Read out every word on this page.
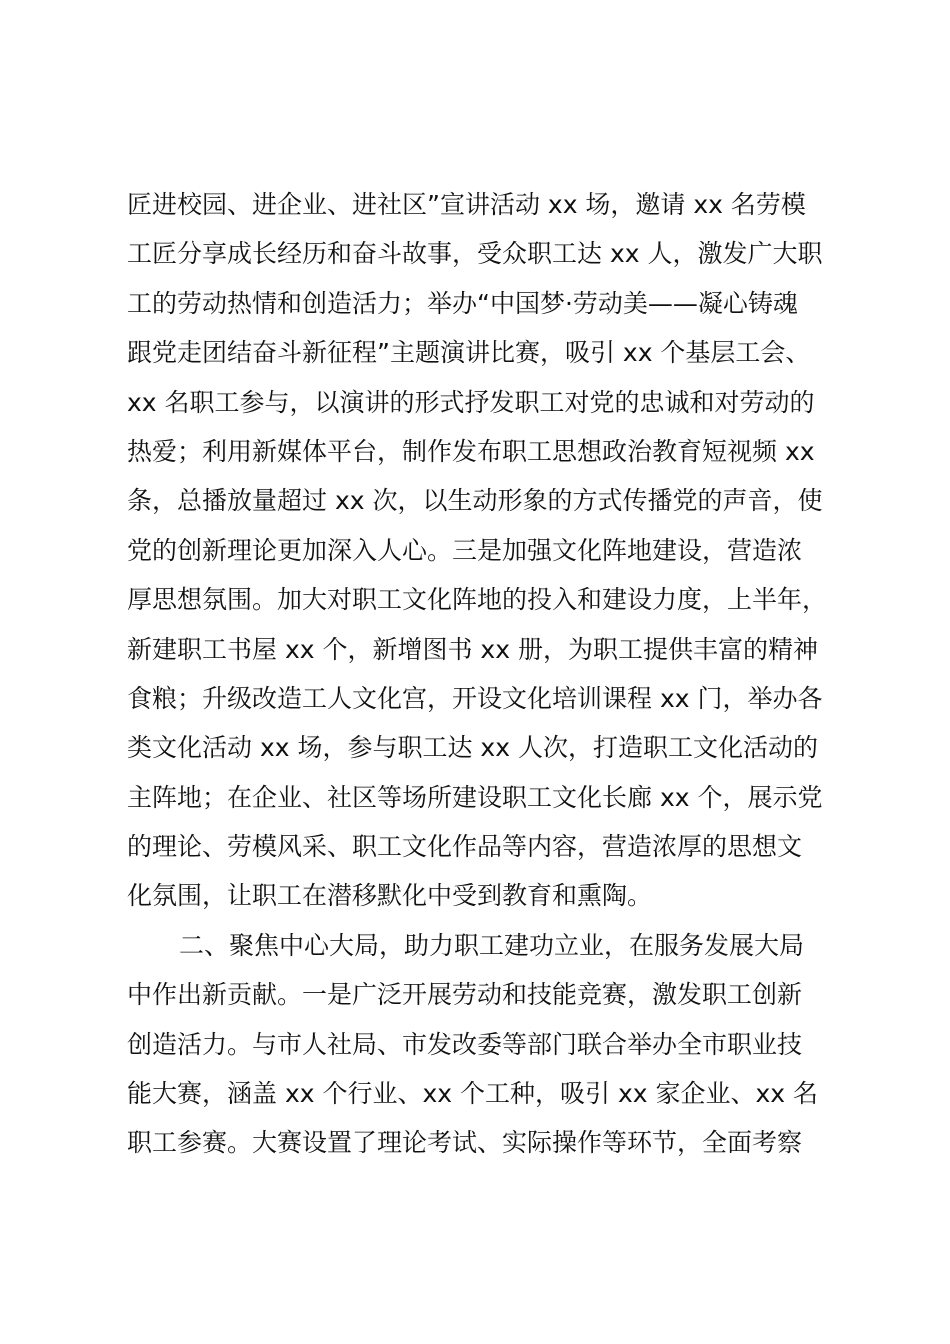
匠进校园、进企业、进社区”宣讲活动 xx 场，邀请 xx 名劳模
工匠分享成长经历和奋斗故事，受众职工达 xx 人，激发广大职
工的劳动热情和创造活力；举办“中国梦·劳动美——凝心铸魂
跟党走团结奋斗新征程”主题演讲比赛，吸引 xx 个基层工会、
xx 名职工参与，以演讲的形式抒发职工对党的忠诚和对劳动的
热爱；利用新媒体平台，制作发布职工思想政治教育短视频 xx
条，总播放量超过 xx 次，以生动形象的方式传播党的声音，使
党的创新理论更加深入人心。三是加强文化阵地建设，营造浓
厚思想氛围。加大对职工文化阵地的投入和建设力度，上半年，
新建职工书屋 xx 个，新增图书 xx 册，为职工提供丰富的精神
食粮；升级改造工人文化宫，开设文化培训课程 xx 门，举办各
类文化活动 xx 场，参与职工达 xx 人次，打造职工文化活动的
主阵地；在企业、社区等场所建设职工文化长廊 xx 个，展示党
的理论、劳模风采、职工文化作品等内容，营造浓厚的思想文
化氛围，让职工在潜移默化中受到教育和熏陶。
二、聚焦中心大局，助力职工建功立业，在服务发展大局
中作出新贡献。一是广泛开展劳动和技能竞赛，激发职工创新
创造活力。与市人社局、市发改委等部门联合举办全市职业技
能大赛，涵盖 xx 个行业、xx 个工种，吸引 xx 家企业、xx 名
职工参赛。大赛设置了理论考试、实际操作等环节，全面考察
